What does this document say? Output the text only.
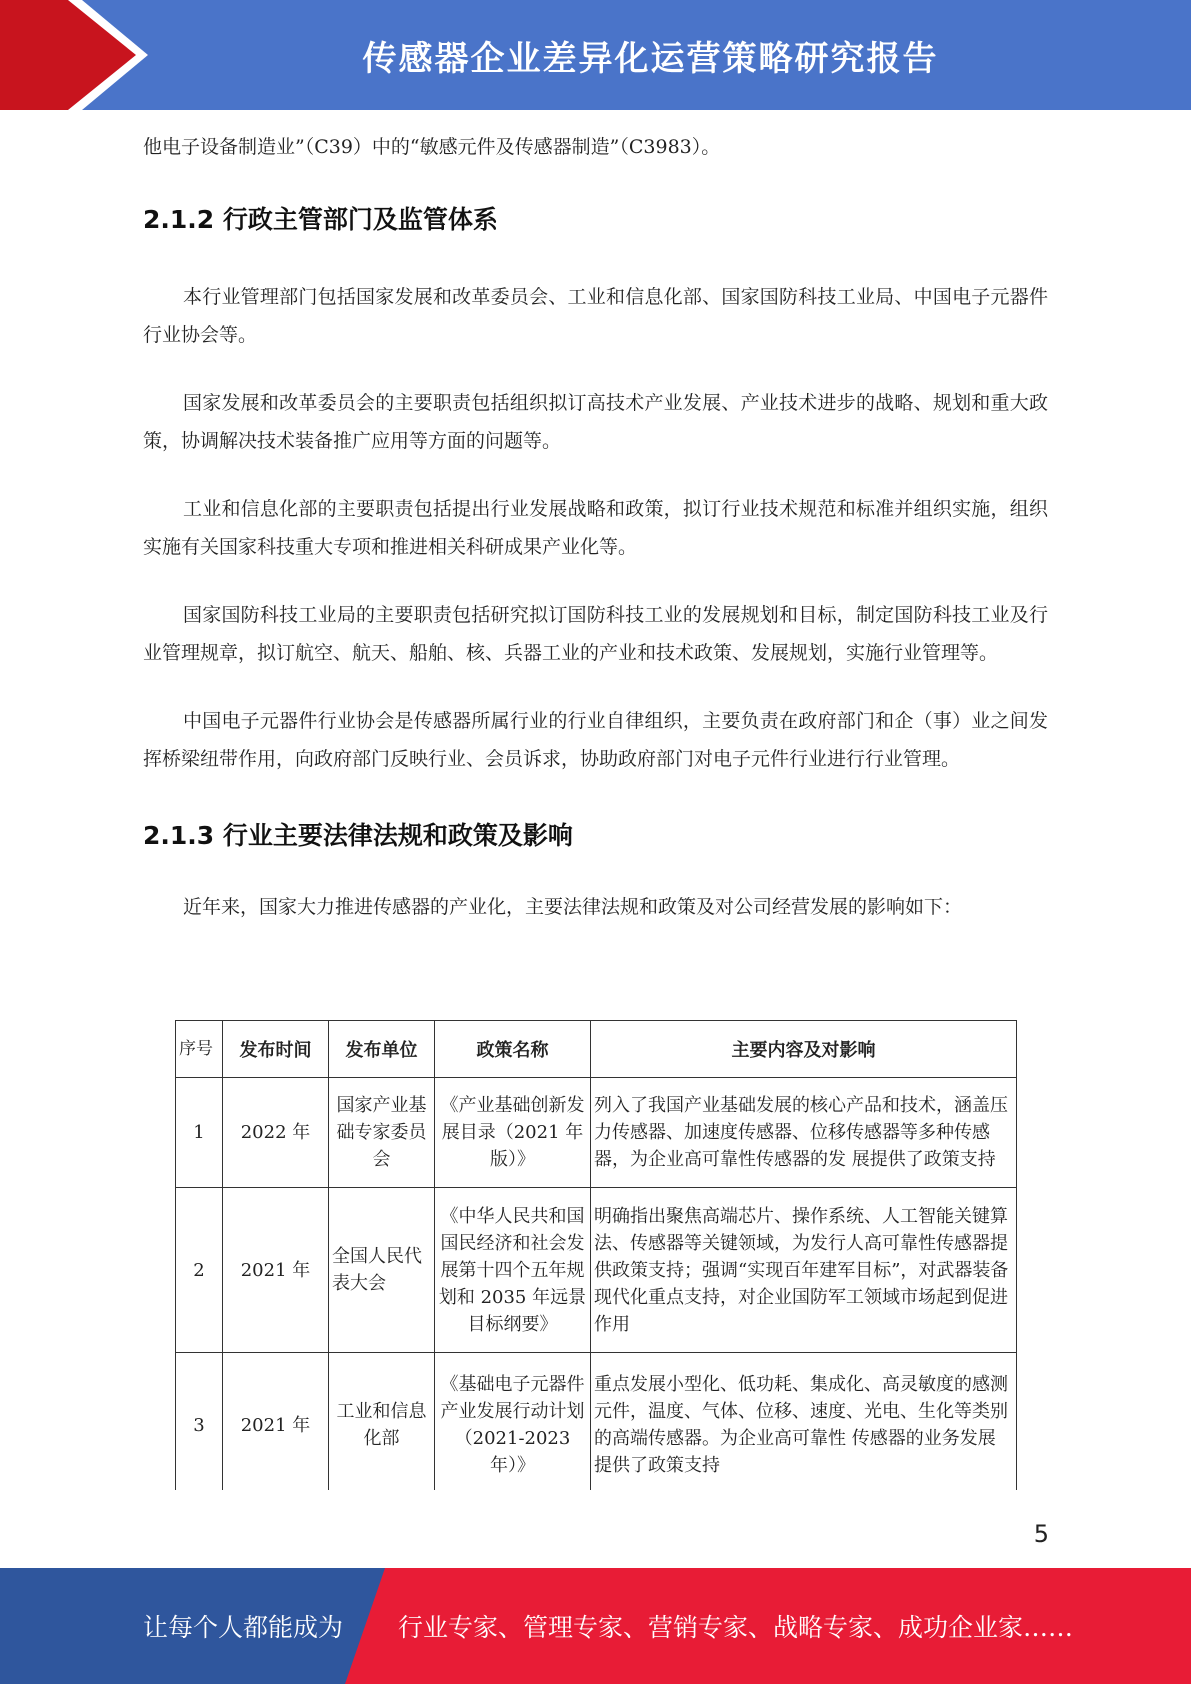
传感器企业差异化运营策略研究报告

他电子设备制造业”（C39）中的“敏感元件及传感器制造”（C3983）。

2.1.2 行政主管部门及监管体系

本行业管理部门包括国家发展和改革委员会、工业和信息化部、国家国防科技工业局、中国电子元器件行业协会等。

国家发展和改革委员会的主要职责包括组织拟订高技术产业发展、产业技术进步的战略、规划和重大政策，协调解决技术装备推广应用等方面的问题等。

工业和信息化部的主要职责包括提出行业发展战略和政策，拟订行业技术规范和标准并组织实施，组织实施有关国家科技重大专项和推进相关科研成果产业化等。

国家国防科技工业局的主要职责包括研究拟订国防科技工业的发展规划和目标，制定国防科技工业及行业管理规章，拟订航空、航天、船舶、核、兵器工业的产业和技术政策、发展规划，实施行业管理等。

中国电子元器件行业协会是传感器所属行业的行业自律组织，主要负责在政府部门和企（事）业之间发挥桥梁纽带作用，向政府部门反映行业、会员诉求，协助政府部门对电子元件行业进行行业管理。

2.1.3 行业主要法律法规和政策及影响

近年来，国家大力推进传感器的产业化，主要法律法规和政策及对公司经营发展的影响如下：

序号	发布时间	发布单位	政策名称	主要内容及对影响
1	2022 年	国家产业基础专家委员会	《产业基础创新发展目录（2021 年版）》	列入了我国产业基础发展的核心产品和技术，涵盖压力传感器、加速度传感器、位移传感器等多种传感器，为企业高可靠性传感器的发 展提供了政策支持
2	2021 年	全国人民代表大会	《中华人民共和国国民经济和社会发展第十四个五年规划和 2035 年远景目标纲要》	明确指出聚焦高端芯片、操作系统、人工智能关键算法、传感器等关键领域，为发行人高可靠性传感器提供政策支持；强调“实现百年建军目标”，对武器装备现代化重点支持，对企业国防军工领域市场起到促进作用
3	2021 年	工业和信息化部	《基础电子元器件产业发展行动计划（2021-2023 年）》	重点发展小型化、低功耗、集成化、高灵敏度的感测元件，温度、气体、位移、速度、光电、生化等类别的高端传感器。为企业高可靠性 传感器的业务发展提供了政策支持
5
让每个人都能成为 行业专家、管理专家、营销专家、战略专家、成功企业家……
